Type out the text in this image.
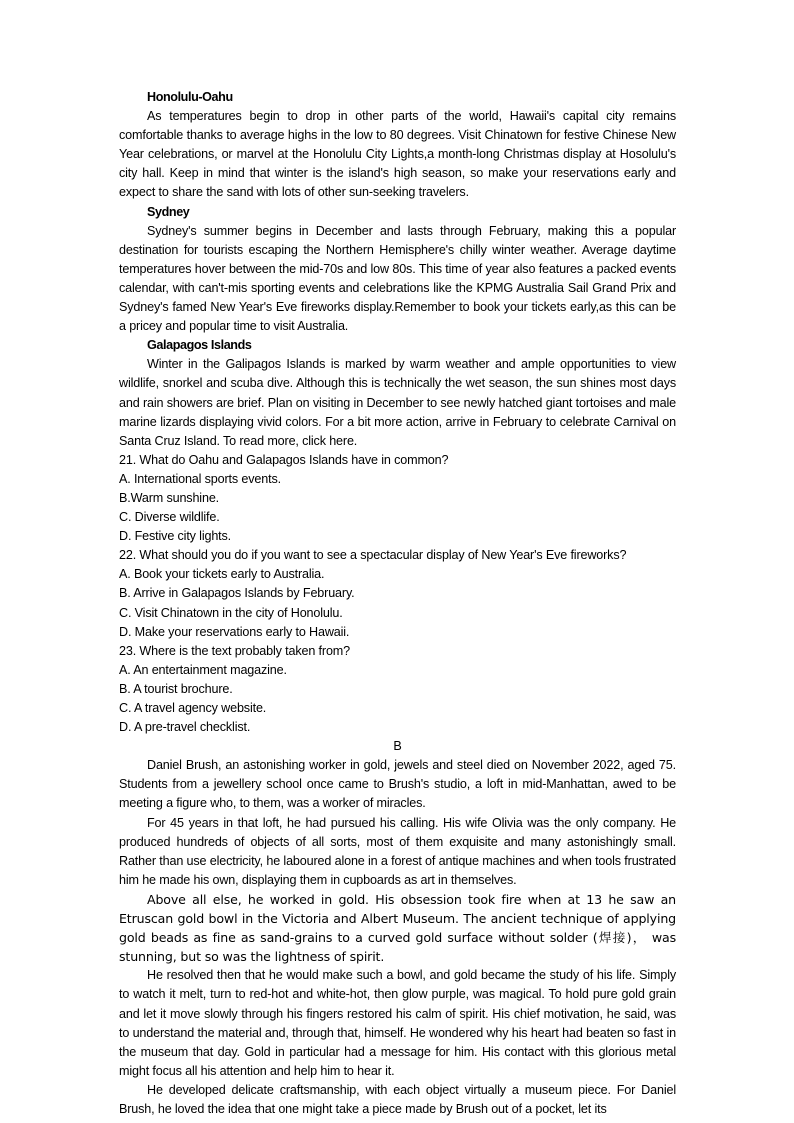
Honolulu-Oahu

As temperatures begin to drop in other parts of the world, Hawaii's capital city remains comfortable thanks to average highs in the low to 80 degrees. Visit Chinatown for festive Chinese New Year celebrations, or marvel at the Honolulu City Lights,a month-long Christmas display at Hosolulu's city hall. Keep in mind that winter is the island's high season, so make your reservations early and expect to share the sand with lots of other sun-seeking travelers.

Sydney

Sydney's summer begins in December and lasts through February, making this a popular destination for tourists escaping the Northern Hemisphere's chilly winter weather. Average daytime temperatures hover between the mid-70s and low 80s. This time of year also features a packed events calendar, with can't-mis sporting events and celebrations like the KPMG Australia Sail Grand Prix and Sydney's famed New Year's Eve fireworks display.Remember to book your tickets early,as this can be a pricey and popular time to visit Australia.

Galapagos Islands

Winter in the Galipagos Islands is marked by warm weather and ample opportunities to view wildlife, snorkel and scuba dive. Although this is technically the wet season, the sun shines most days and rain showers are brief. Plan on visiting in December to see newly hatched giant tortoises and male marine lizards displaying vivid colors. For a bit more action, arrive in February to celebrate Carnival on Santa Cruz Island. To read more, click here.

21. What do Oahu and Galapagos Islands have in common?

A. International sports events.

B.Warm sunshine.

C. Diverse wildlife.

D. Festive city lights.

22. What should you do if you want to see a spectacular display of New Year's Eve fireworks?

A. Book your tickets early to Australia.

B. Arrive in Galapagos Islands by February.

C. Visit Chinatown in the city of Honolulu.

D. Make your reservations early to Hawaii.

23. Where is the text probably taken from?

A. An entertainment magazine.

B. A tourist brochure.

C. A travel agency website.

D. A pre-travel checklist.

B

Daniel Brush, an astonishing worker in gold, jewels and steel died on November 2022, aged 75. Students from a jewellery school once came to Brush's studio, a loft in mid-Manhattan, awed to be meeting a figure who, to them, was a worker of miracles.

For 45 years in that loft, he had pursued his calling. His wife Olivia was the only company. He produced hundreds of objects of all sorts, most of them exquisite and many astonishingly small. Rather than use electricity, he laboured alone in a forest of antique machines and when tools frustrated him he made his own, displaying them in cupboards as art in themselves.

Above all else, he worked in gold. His obsession took fire when at 13 he saw an Etruscan gold bowl in the Victoria and Albert Museum. The ancient technique of applying gold beads as fine as sand-grains to a curved gold surface without solder (焊接)， was stunning, but so was the lightness of spirit.

He resolved then that he would make such a bowl, and gold became the study of his life. Simply to watch it melt, turn to red-hot and white-hot, then glow purple, was magical. To hold pure gold grain and let it move slowly through his fingers restored his calm of spirit. His chief motivation, he said, was to understand the material and, through that, himself. He wondered why his heart had beaten so fast in the museum that day. Gold in particular had a message for him. His contact with this glorious metal might focus all his attention and help him to hear it.

He developed delicate craftsmanship, with each object virtually a museum piece. For Daniel Brush, he loved the idea that one might take a piece made by Brush out of a pocket, let its
